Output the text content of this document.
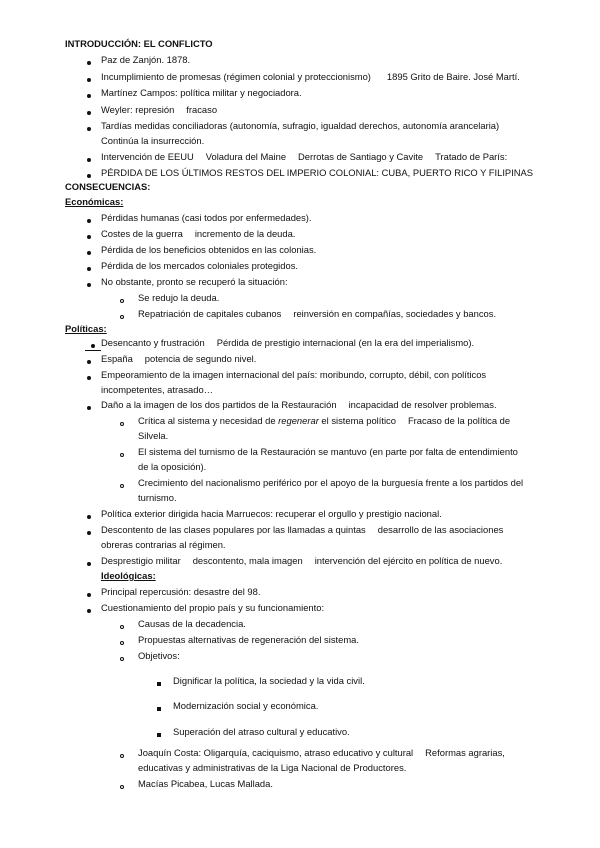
INTRODUCCIÓN: EL CONFLICTO
Paz de Zanjón. 1878.
Incumplimiento de promesas (régimen colonial y proteccionismo) 1895 Grito de Baire. José Martí.
Martínez Campos: política militar y negociadora.
Weyler: represión fracaso
Tardías medidas conciliadoras (autonomía, sufragio, igualdad derechos, autonomía arancelaria)
Continúa la insurrección.
Intervención de EEUU Voladura del Maine Derrotas de Santiago y Cavite Tratado de París:
PÉRDIDA DE LOS ÚLTIMOS RESTOS DEL IMPERIO COLONIAL: CUBA, PUERTO RICO Y FILIPINAS
CONSECUENCIAS:
Económicas:
Pérdidas humanas (casi todos por enfermedades).
Costes de la guerra incremento de la deuda.
Pérdida de los beneficios obtenidos en las colonias.
Pérdida de los mercados coloniales protegidos.
No obstante, pronto se recuperó la situación:
Se redujo la deuda.
Repatriación de capitales cubanos reinversión en compañías, sociedades y bancos.
Políticas:
Desencanto y frustración Pérdida de prestigio internacional (en la era del imperialismo).
España potencia de segundo nivel.
Empeoramiento de la imagen internacional del país: moribundo, corrupto, débil, con políticos
incompetentes, atrasado…
Daño a la imagen de los dos partidos de la Restauración incapacidad de resolver problemas.
Crítica al sistema y necesidad de regenerar el sistema político Fracaso de la política de
Silvela.
El sistema del turnismo de la Restauración se mantuvo (en parte por falta de entendimiento
de la oposición).
Crecimiento del nacionalismo periférico por el apoyo de la burguesía frente a los partidos del
turnismo.
Política exterior dirigida hacia Marruecos: recuperar el orgullo y prestigio nacional.
Descontento de las clases populares por las llamadas a quintas desarrollo de las asociaciones
obreras contrarias al régimen.
Desprestigio militar descontento, mala imagen intervención del ejército en política de nuevo.
Ideológicas:
Principal repercusión: desastre del 98.
Cuestionamiento del propio país y su funcionamiento:
Causas de la decadencia.
Propuestas alternativas de regeneración del sistema.
Objetivos:
Dignificar la política, la sociedad y la vida civil.
Modernización social y económica.
Superación del atraso cultural y educativo.
Joaquín Costa: Oligarquía, caciquismo, atraso educativo y cultural Reformas agrarias,
educativas y administrativas de la Liga Nacional de Productores.
Macías Picabea, Lucas Mallada.
